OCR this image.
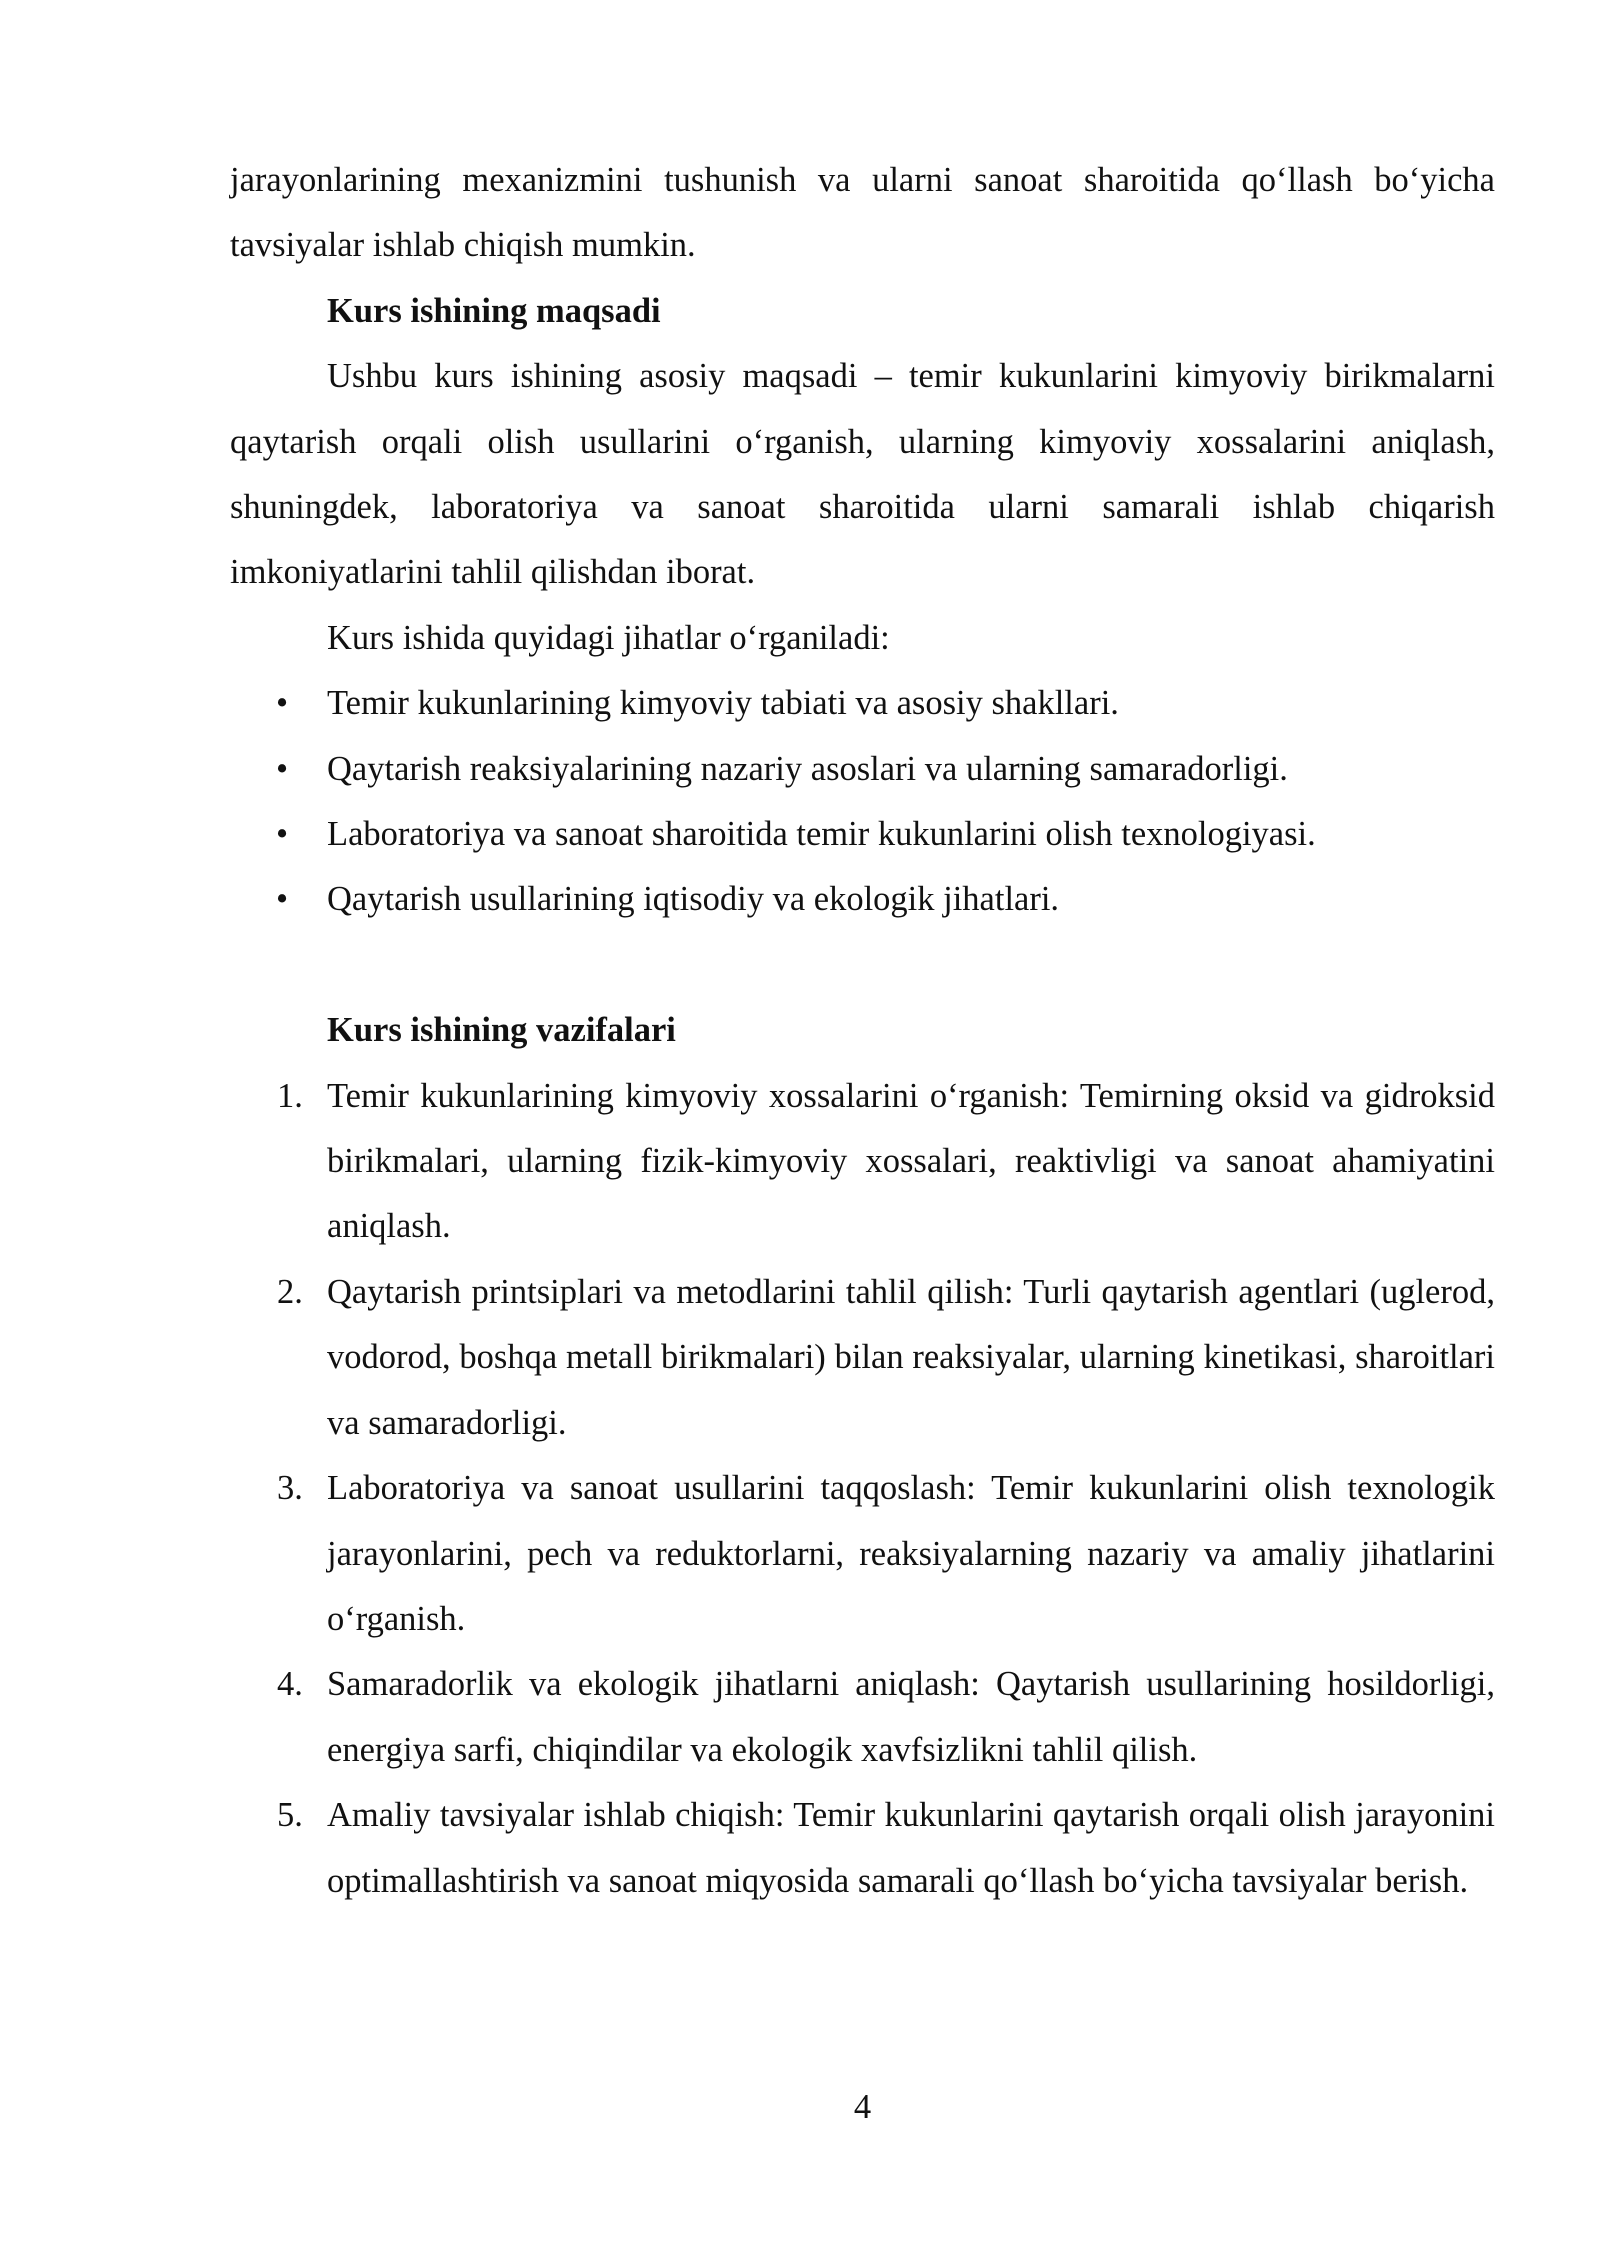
jarayonlarining mexanizmini tushunish va ularni sanoat sharoitida qo‘llash bo‘yicha tavsiyalar ishlab chiqish mumkin.

Kurs ishining maqsadi

Ushbu kurs ishining asosiy maqsadi – temir kukunlarini kimyoviy birikmalarni qaytarish orqali olish usullarini o‘rganish, ularning kimyoviy xossalarini aniqlash, shuningdek, laboratoriya va sanoat sharoitida ularni samarali ishlab chiqarish imkoniyatlarini tahlil qilishdan iborat.

Kurs ishida quyidagi jihatlar o‘rganiladi:

• Temir kukunlarining kimyoviy tabiati va asosiy shakllari.
• Qaytarish reaksiyalarining nazariy asoslari va ularning samaradorligi.
• Laboratoriya va sanoat sharoitida temir kukunlarini olish texnologiyasi.
• Qaytarish usullarining iqtisodiy va ekologik jihatlari.

Kurs ishining vazifalari

1. Temir kukunlarining kimyoviy xossalarini o‘rganish: Temirning oksid va gidroksid birikmalari, ularning fizik-kimyoviy xossalari, reaktivligi va sanoat ahamiyatini aniqlash.
2. Qaytarish printsiplari va metodlarini tahlil qilish: Turli qaytarish agentlari (uglerod, vodorod, boshqa metall birikmalari) bilan reaksiyalar, ularning kinetikasi, sharoitlari va samaradorligi.
3. Laboratoriya va sanoat usullarini taqqoslash: Temir kukunlarini olish texnologik jarayonlarini, pech va reduktorlarni, reaksiyalarning nazariy va amaliy jihatlarini o‘rganish.
4. Samaradorlik va ekologik jihatlarni aniqlash: Qaytarish usullarining hosildorligi, energiya sarfi, chiqindilar va ekologik xavfsizlikni tahlil qilish.
5. Amaliy tavsiyalar ishlab chiqish: Temir kukunlarini qaytarish orqali olish jarayonini optimallashtirish va sanoat miqyosida samarali qo‘llash bo‘yicha tavsiyalar berish.
4
